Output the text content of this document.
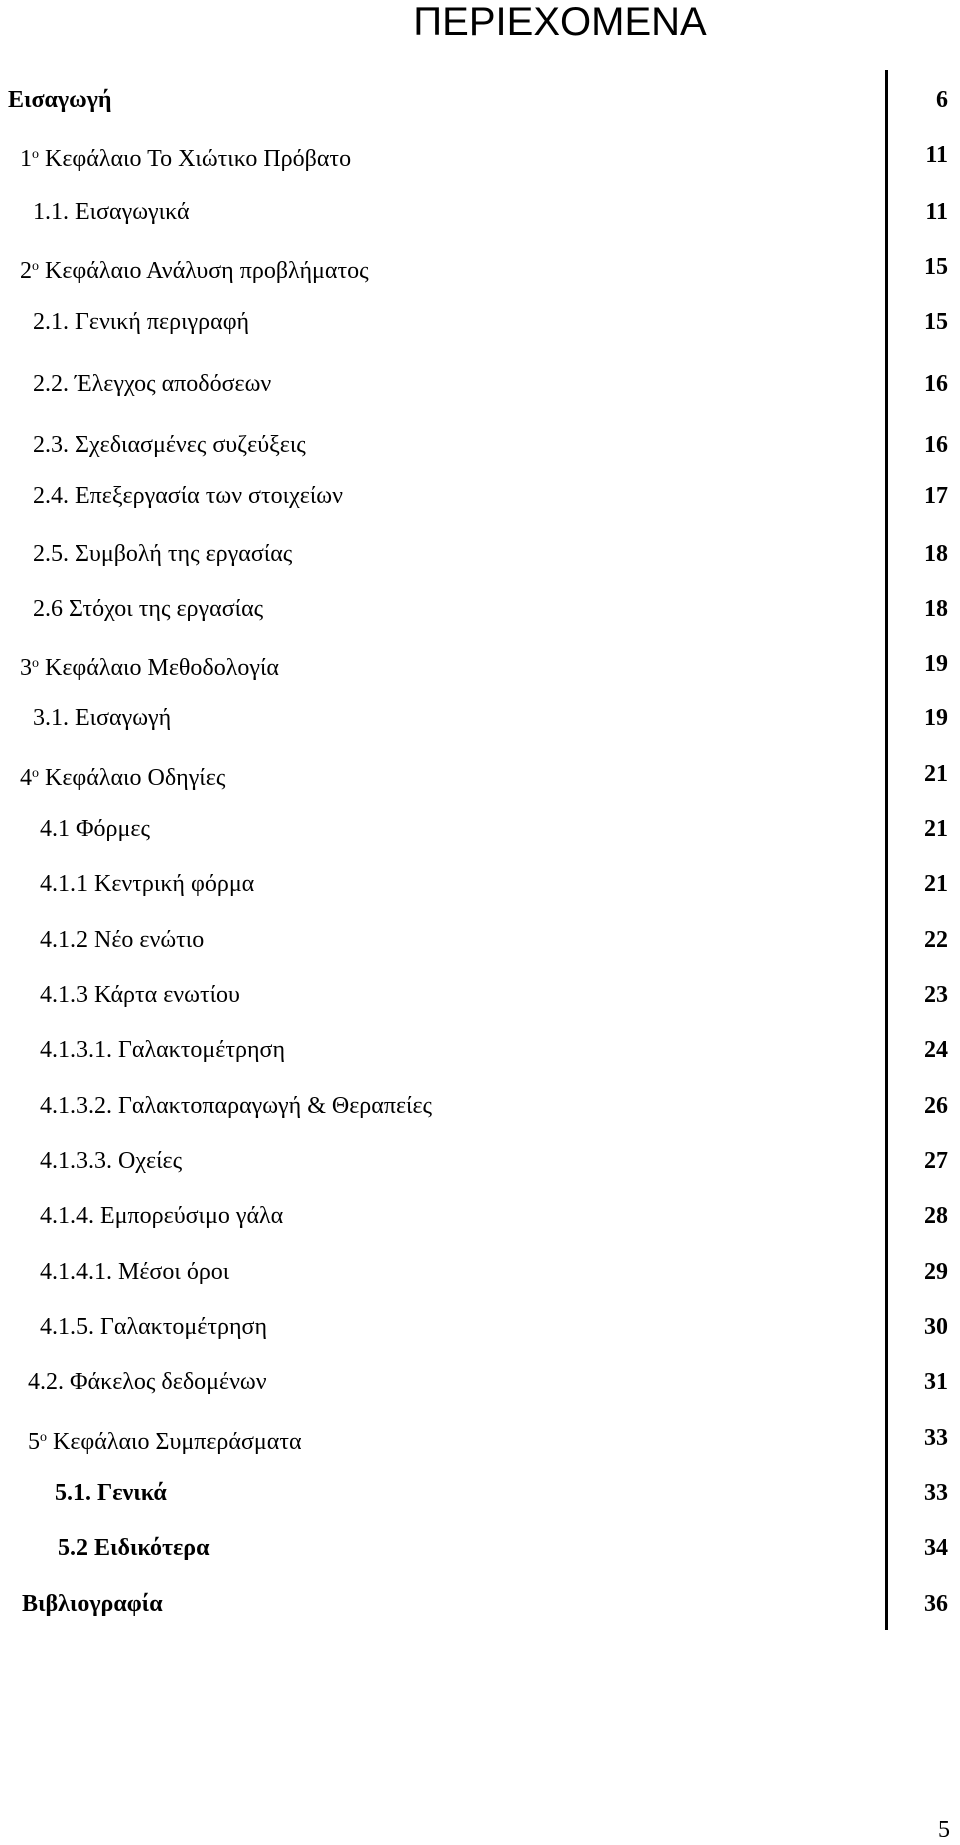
ΠΕΡΙΕΧΟΜΕΝΑ
Εισαγωγή	6
$1^o$ Κεφάλαιο Το Χιώτικο Πρόβατο	11
1.1. Εισαγωγικά	11
$2^o$ Κεφάλαιο Ανάλυση προβλήματος	15
2.1. Γενική περιγραφή	15
2.2. Έλεγχος αποδόσεων	16
2.3. Σχεδιασμένες συζεύξεις	16
2.4. Επεξεργασία των στοιχείων	17
2.5. Συμβολή της εργασίας	18
2.6 Στόχοι της εργασίας	18
$3^o$ Κεφάλαιο Μεθοδολογία	19
3.1. Εισαγωγή	19
$4^o$ Κεφάλαιο Οδηγίες	21
4.1 Φόρμες	21
4.1.1 Κεντρική φόρμα	21
4.1.2 Νέο ενώτιο	22
4.1.3 Κάρτα ενωτίου	23
4.1.3.1. Γαλακτομέτρηση	24
4.1.3.2. Γαλακτοπαραγωγή & Θεραπείες	26
4.1.3.3. Οχείες	27
4.1.4. Εμπορεύσιμο γάλα	28
4.1.4.1. Μέσοι όροι	29
4.1.5. Γαλακτομέτρηση	30
4.2. Φάκελος δεδομένων	31
$5^o$ Κεφάλαιο Συμπεράσματα	33
5.1. Γενικά	33
5.2 Ειδικότερα	34
Βιβλιογραφία	36
5
